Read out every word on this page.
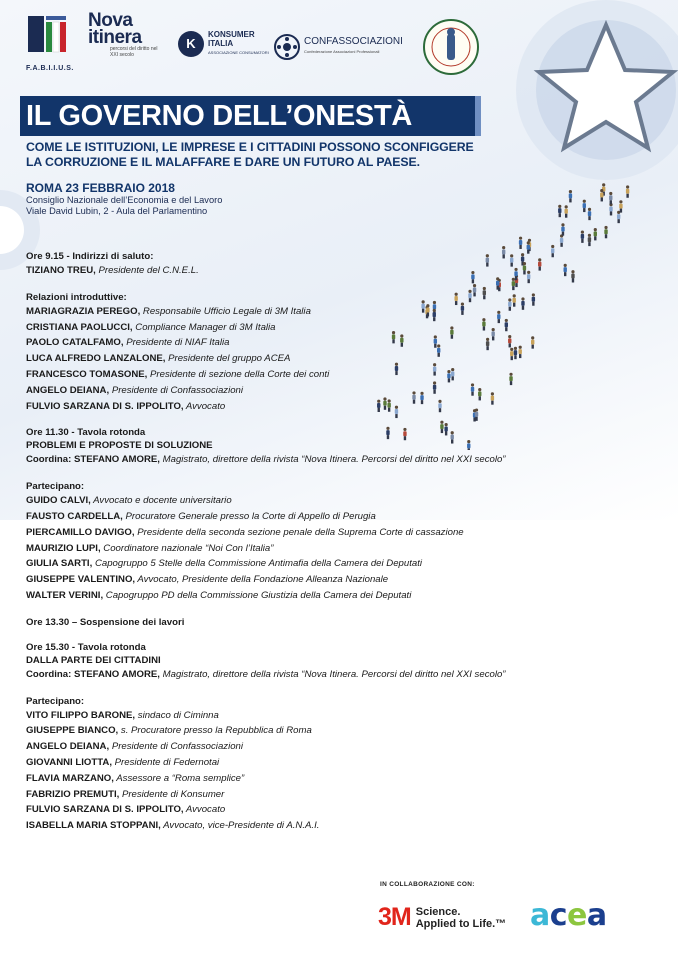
F.A.B.I.I.U.S.
Nova
itinera
percorsi del diritto nel XXI secolo
K
KONSUMER
ITALIA
ASSOCIAZIONE CONSUMATORI
CONFASSOCIAZIONI
Confederazione Associazioni Professionali
IL GOVERNO DELL’ONESTÀ
COME LE ISTITUZIONI, LE IMPRESE E I CITTADINI POSSONO SCONFIGGERE
LA CORRUZIONE E IL MALAFFARE E DARE UN FUTURO AL PAESE.
ROMA 23 FEBBRAIO 2018
Consiglio Nazionale dell’Economia e del Lavoro
Viale David Lubin, 2 - Aula del Parlamentino
Ore 9.15 - Indirizzi di saluto:
TIZIANO TREU, Presidente del C.N.E.L.
Relazioni introduttive:
MARIAGRAZIA PEREGO, Responsabile Ufficio Legale di 3M Italia
CRISTIANA PAOLUCCI, Compliance Manager di 3M Italia
PAOLO CATALFAMO, Presidente di NIAF Italia
LUCA ALFREDO LANZALONE, Presidente del gruppo ACEA
FRANCESCO TOMASONE, Presidente di sezione della Corte dei conti
ANGELO DEIANA, Presidente di Confassociazioni
FULVIO SARZANA DI S. IPPOLITO, Avvocato
Ore 11.30 - Tavola rotonda
PROBLEMI E PROPOSTE DI SOLUZIONE
Coordina: STEFANO AMORE, Magistrato, direttore della rivista “Nova Itinera. Percorsi del diritto nel XXI secolo”
Partecipano:
GUIDO CALVI, Avvocato e docente universitario
FAUSTO CARDELLA, Procuratore Generale presso la Corte di Appello di Perugia
PIERCAMILLO DAVIGO, Presidente della seconda sezione penale della Suprema Corte di cassazione
MAURIZIO LUPI, Coordinatore nazionale “Noi Con l’Italia”
GIULIA SARTI, Capogruppo 5 Stelle della Commissione Antimafia della Camera dei Deputati
GIUSEPPE VALENTINO, Avvocato, Presidente della Fondazione Alleanza Nazionale
WALTER VERINI, Capogruppo PD della Commissione Giustizia della Camera dei Deputati
Ore 13.30 – Sospensione dei lavori
Ore 15.30 - Tavola rotonda
DALLA PARTE DEI CITTADINI
Coordina: STEFANO AMORE, Magistrato, direttore della rivista “Nova Itinera. Percorsi del diritto nel XXI secolo”
Partecipano:
VITO FILIPPO BARONE, sindaco di Ciminna
GIUSEPPE BIANCO, s. Procuratore presso la Repubblica di Roma
ANGELO DEIANA, Presidente di Confassociazioni
GIOVANNI LIOTTA, Presidente di Federnotai
FLAVIA MARZANO, Assessore a “Roma semplice”
FABRIZIO PREMUTI, Presidente di Konsumer
FULVIO SARZANA DI S. IPPOLITO, Avvocato
ISABELLA MARIA STOPPANI, Avvocato, vice-Presidente di A.N.A.I.
IN COLLABORAZIONE CON:
3M Science.
Applied to Life.™ acea
